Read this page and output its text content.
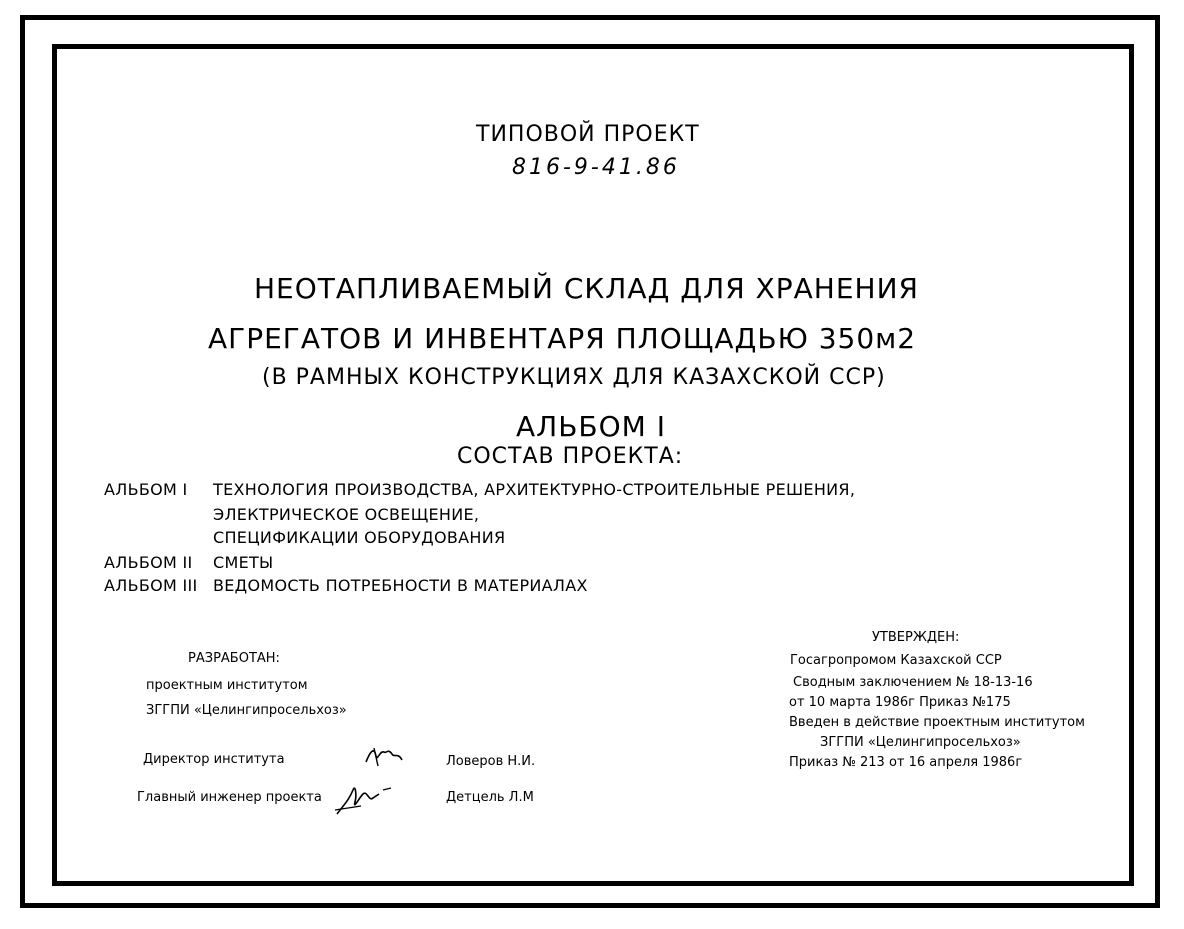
ТИПОВОЙ ПРОЕКТ
816-9-41.86
НЕОТАПЛИВАЕМЫЙ СКЛАД ДЛЯ ХРАНЕНИЯ
АГРЕГАТОВ И ИНВЕНТАРЯ ПЛОЩАДЬЮ 350м2
(В РАМНЫХ КОНСТРУКЦИЯХ ДЛЯ КАЗАХСКОЙ ССР)
АЛЬБОМ I
СОСТАВ ПРОЕКТА:
АЛЬБОМ I ТЕХНОЛОГИЯ ПРОИЗВОДСТВА, АРХИТЕКТУРНО-СТРОИТЕЛЬНЫЕ РЕШЕНИЯ,
ЭЛЕКТРИЧЕСКОЕ ОСВЕЩЕНИЕ,
СПЕЦИФИКАЦИИ ОБОРУДОВАНИЯ
АЛЬБОМ II СМЕТЫ
АЛЬБОМ III ВЕДОМОСТЬ ПОТРЕБНОСТИ В МАТЕРИАЛАХ
РАЗРАБОТАН:
проектным институтом
ЗГГПИ «Целингипросельхоз»
Директор института	Ловеров Н.И.
Главный инженер проекта	Детцель Л.М
УТВЕРЖДЕН:
Госагропромом Казахской ССР
Сводным заключением № 18-13-16
от 10 марта 1986г Приказ №175
Введен в действие проектным институтом
ЗГГПИ «Целингипросельхоз»
Приказ № 213 от 16 апреля 1986г
